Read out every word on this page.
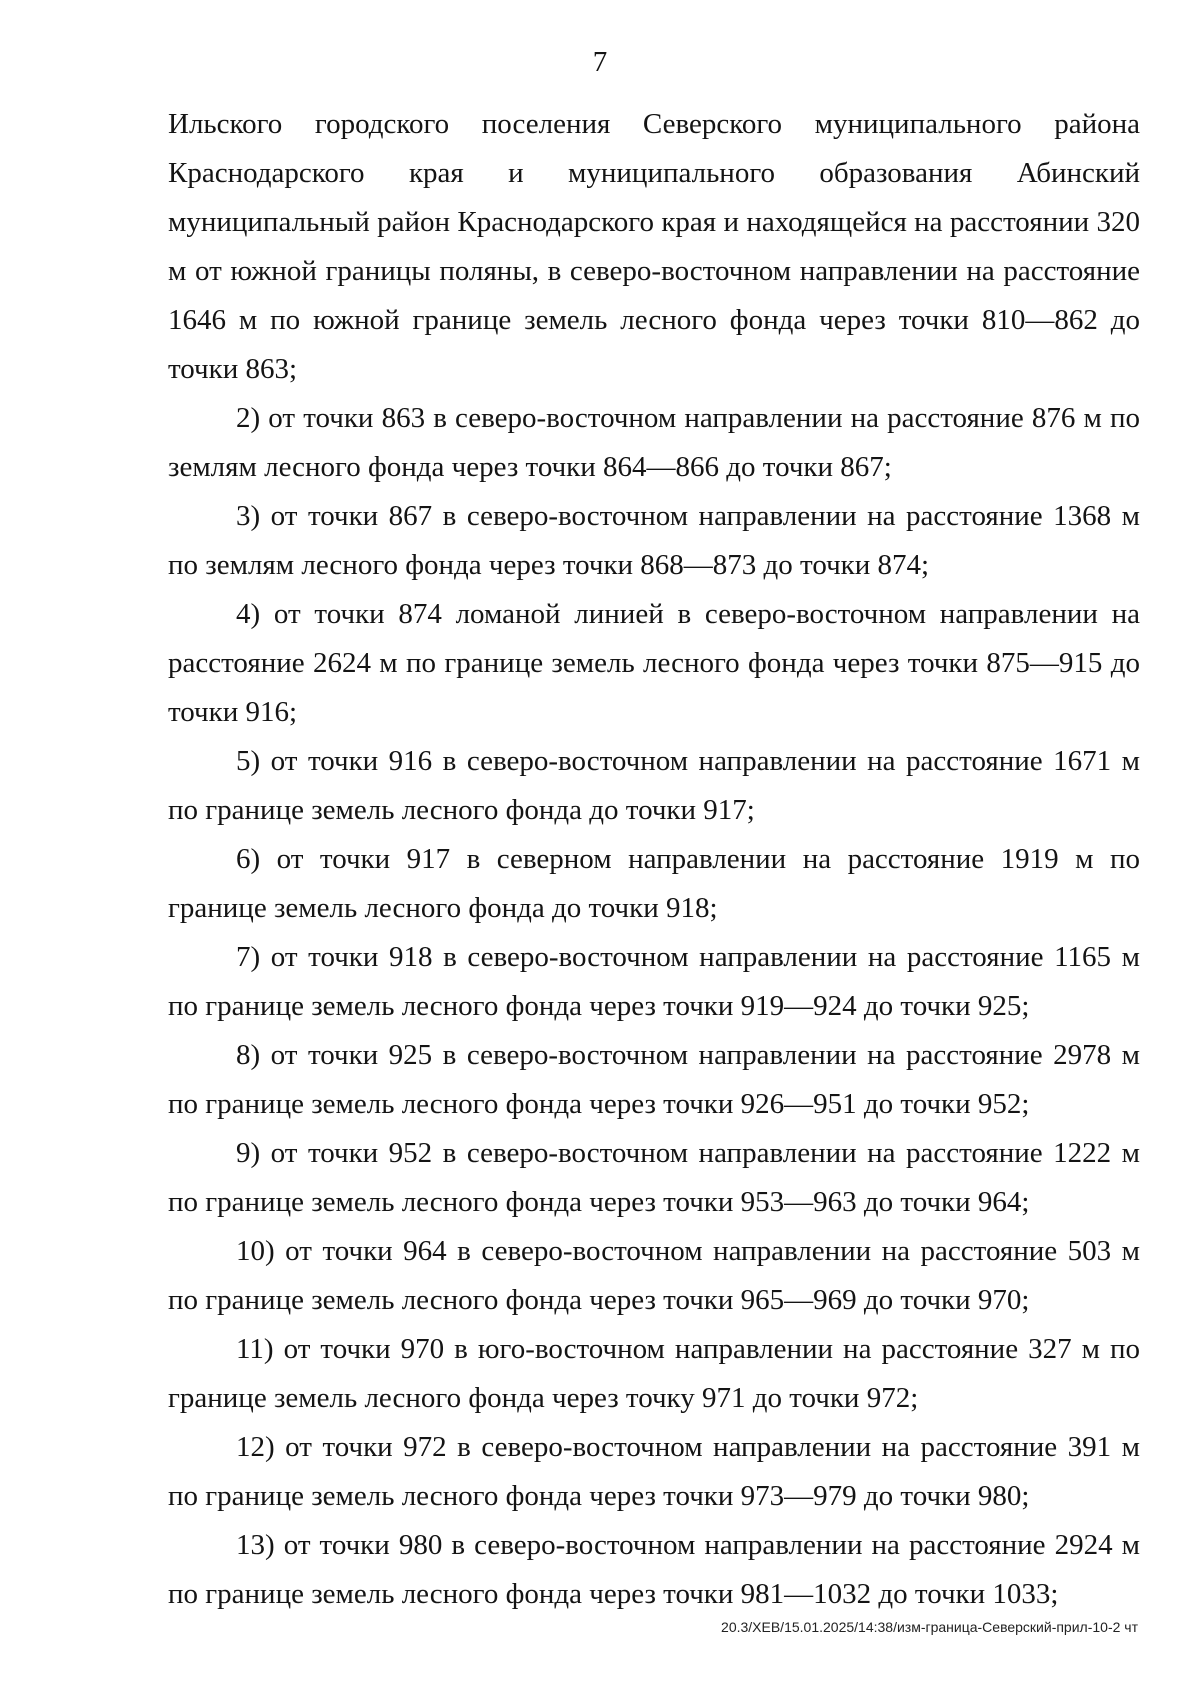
7

Ильского городского поселения Северского муниципального района Краснодарского края и муниципального образования Абинский муниципальный район Краснодарского края и находящейся на расстоянии 320 м от южной границы поляны, в северо-восточном направлении на расстояние 1646 м по южной границе земель лесного фонда через точки 810—862 до точки 863;

2) от точки 863 в северо-восточном направлении на расстояние 876 м по землям лесного фонда через точки 864—866 до точки 867;

3) от точки 867 в северо-восточном направлении на расстояние 1368 м по землям лесного фонда через точки 868—873 до точки 874;

4) от точки 874 ломаной линией в северо-восточном направлении на расстояние 2624 м по границе земель лесного фонда через точки 875—915 до точки 916;

5) от точки 916 в северо-восточном направлении на расстояние 1671 м по границе земель лесного фонда до точки 917;

6) от точки 917 в северном направлении на расстояние 1919 м по границе земель лесного фонда до точки 918;

7) от точки 918 в северо-восточном направлении на расстояние 1165 м по границе земель лесного фонда через точки 919—924 до точки 925;

8) от точки 925 в северо-восточном направлении на расстояние 2978 м по границе земель лесного фонда через точки 926—951 до точки 952;

9) от точки 952 в северо-восточном направлении на расстояние 1222 м по границе земель лесного фонда через точки 953—963 до точки 964;

10) от точки 964 в северо-восточном направлении на расстояние 503 м по границе земель лесного фонда через точки 965—969 до точки 970;

11) от точки 970 в юго-восточном направлении на расстояние 327 м по границе земель лесного фонда через точку 971 до точки 972;

12) от точки 972 в северо-восточном направлении на расстояние 391 м по границе земель лесного фонда через точки 973—979 до точки 980;

13) от точки 980 в северо-восточном направлении на расстояние 2924 м по границе земель лесного фонда через точки 981—1032 до точки 1033;

20.3/ХЕВ/15.01.2025/14:38/изм-граница-Северский-прил-10-2 чт
